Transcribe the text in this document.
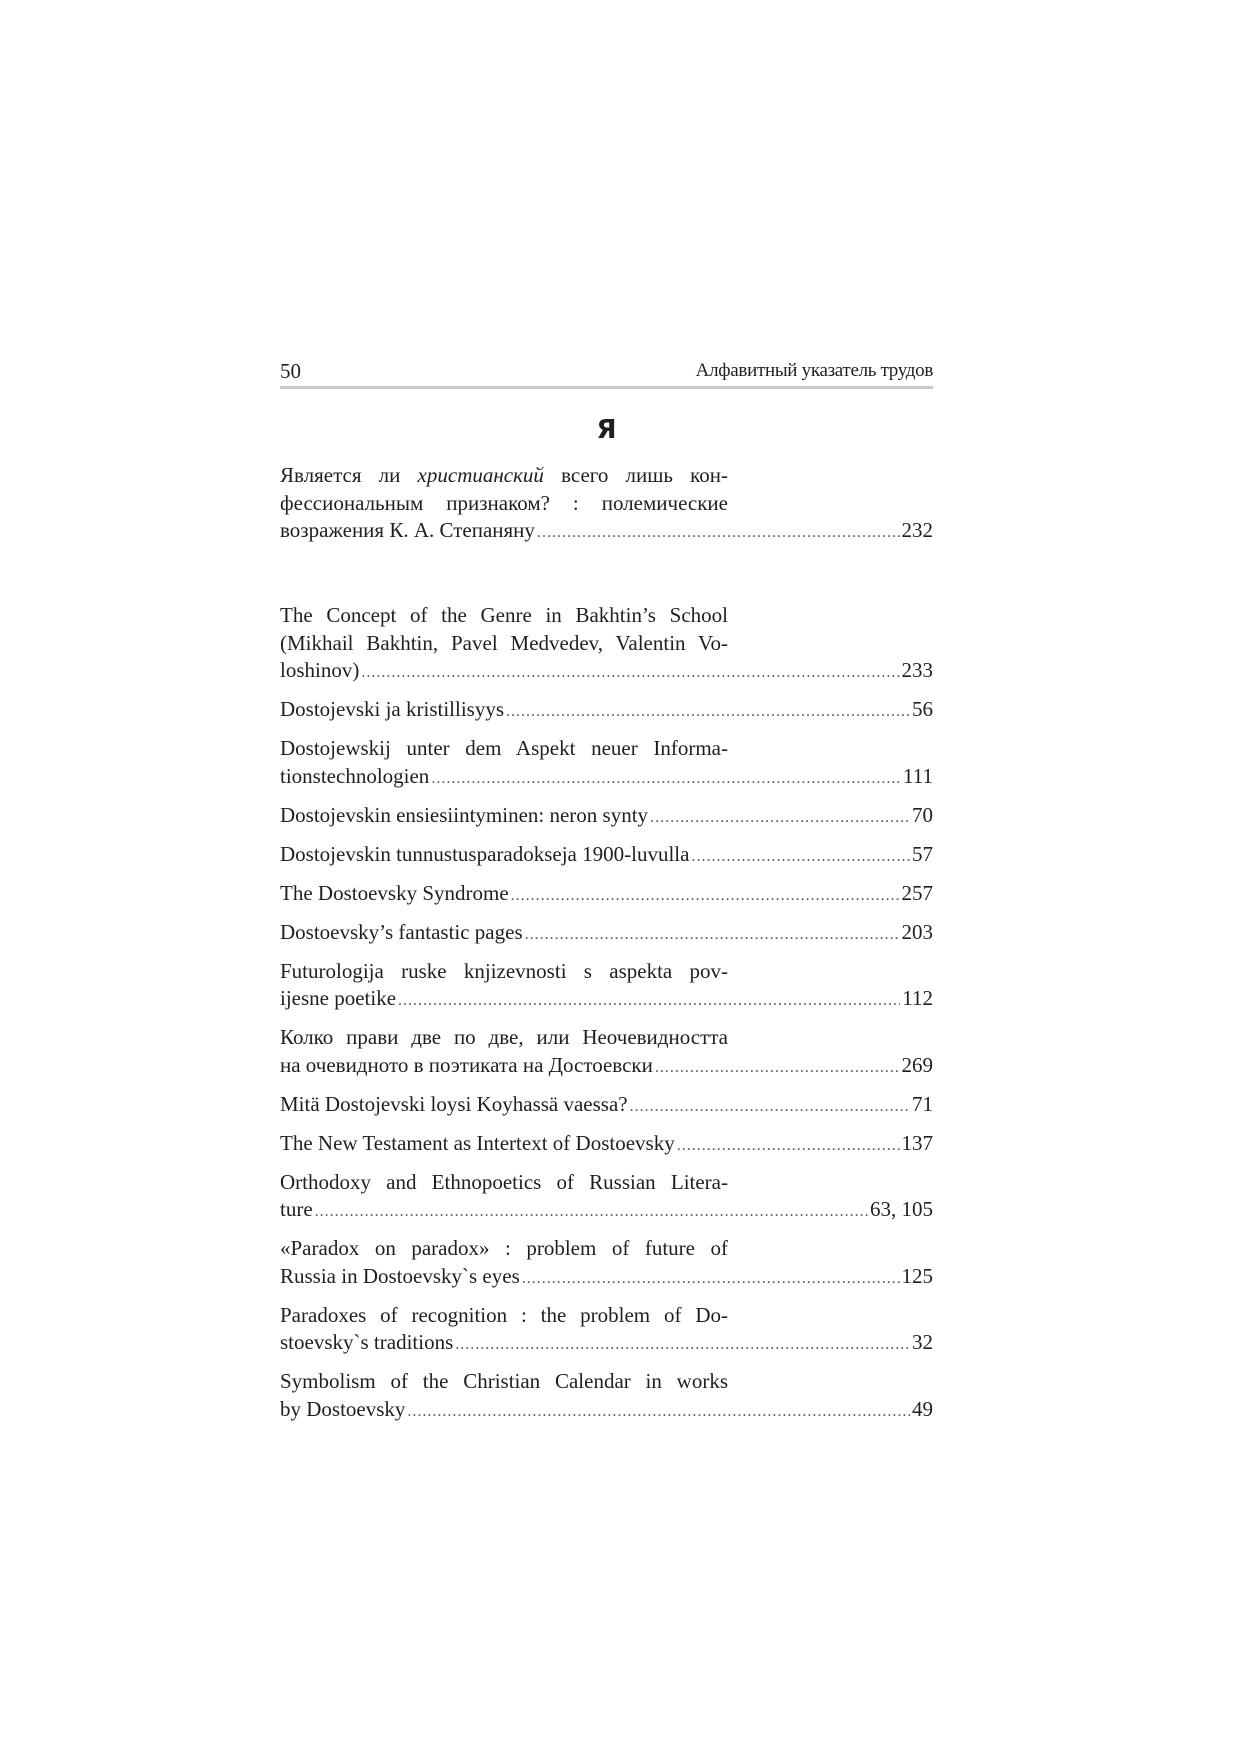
50	Алфавитный указатель трудов
Я
Является ли христианский всего лишь кон-
фессиональным признаком? : полемические
возражения К. А. Степаняну .....	232
The Concept of the Genre in Bakhtin’s School
(Mikhail Bakhtin, Pavel Medvedev, Valentin Vo-
loshinov) .....	233
Dostojevski ja kristillisyys .....	56
Dostojewskij unter dem Aspekt neuer Informa-
tionstechnologien .....	111
Dostojevskin ensiesiintyminen: neron synty .....	70
Dostojevskin tunnustusparadokseja 1900-luvulla .....	57
The Dostoevsky Syndrome .....	257
Dostoevsky’s fantastic pages .....	203
Futurologija ruske knjizevnosti s aspekta pov-
ijesne poetike .....	112
Колко прави две по две, или Неочевидността
на очевидното в поэтиката на Достоевски .....	269
Mitä Dostojevski loysi Koyhassä vaessa? .....	71
The New Testament as Intertext of Dostoevsky .....	137
Orthodoxy and Ethnopoetics of Russian Litera-
ture .....	63, 105
«Paradox on paradox» : problem of future of
Russia in Dostoevsky`s eyes .....	125
Paradoxes of recognition : the problem of Do-
stoevsky`s traditions .....	32
Symbolism of the Christian Calendar in works
by Dostoevsky .....	49
